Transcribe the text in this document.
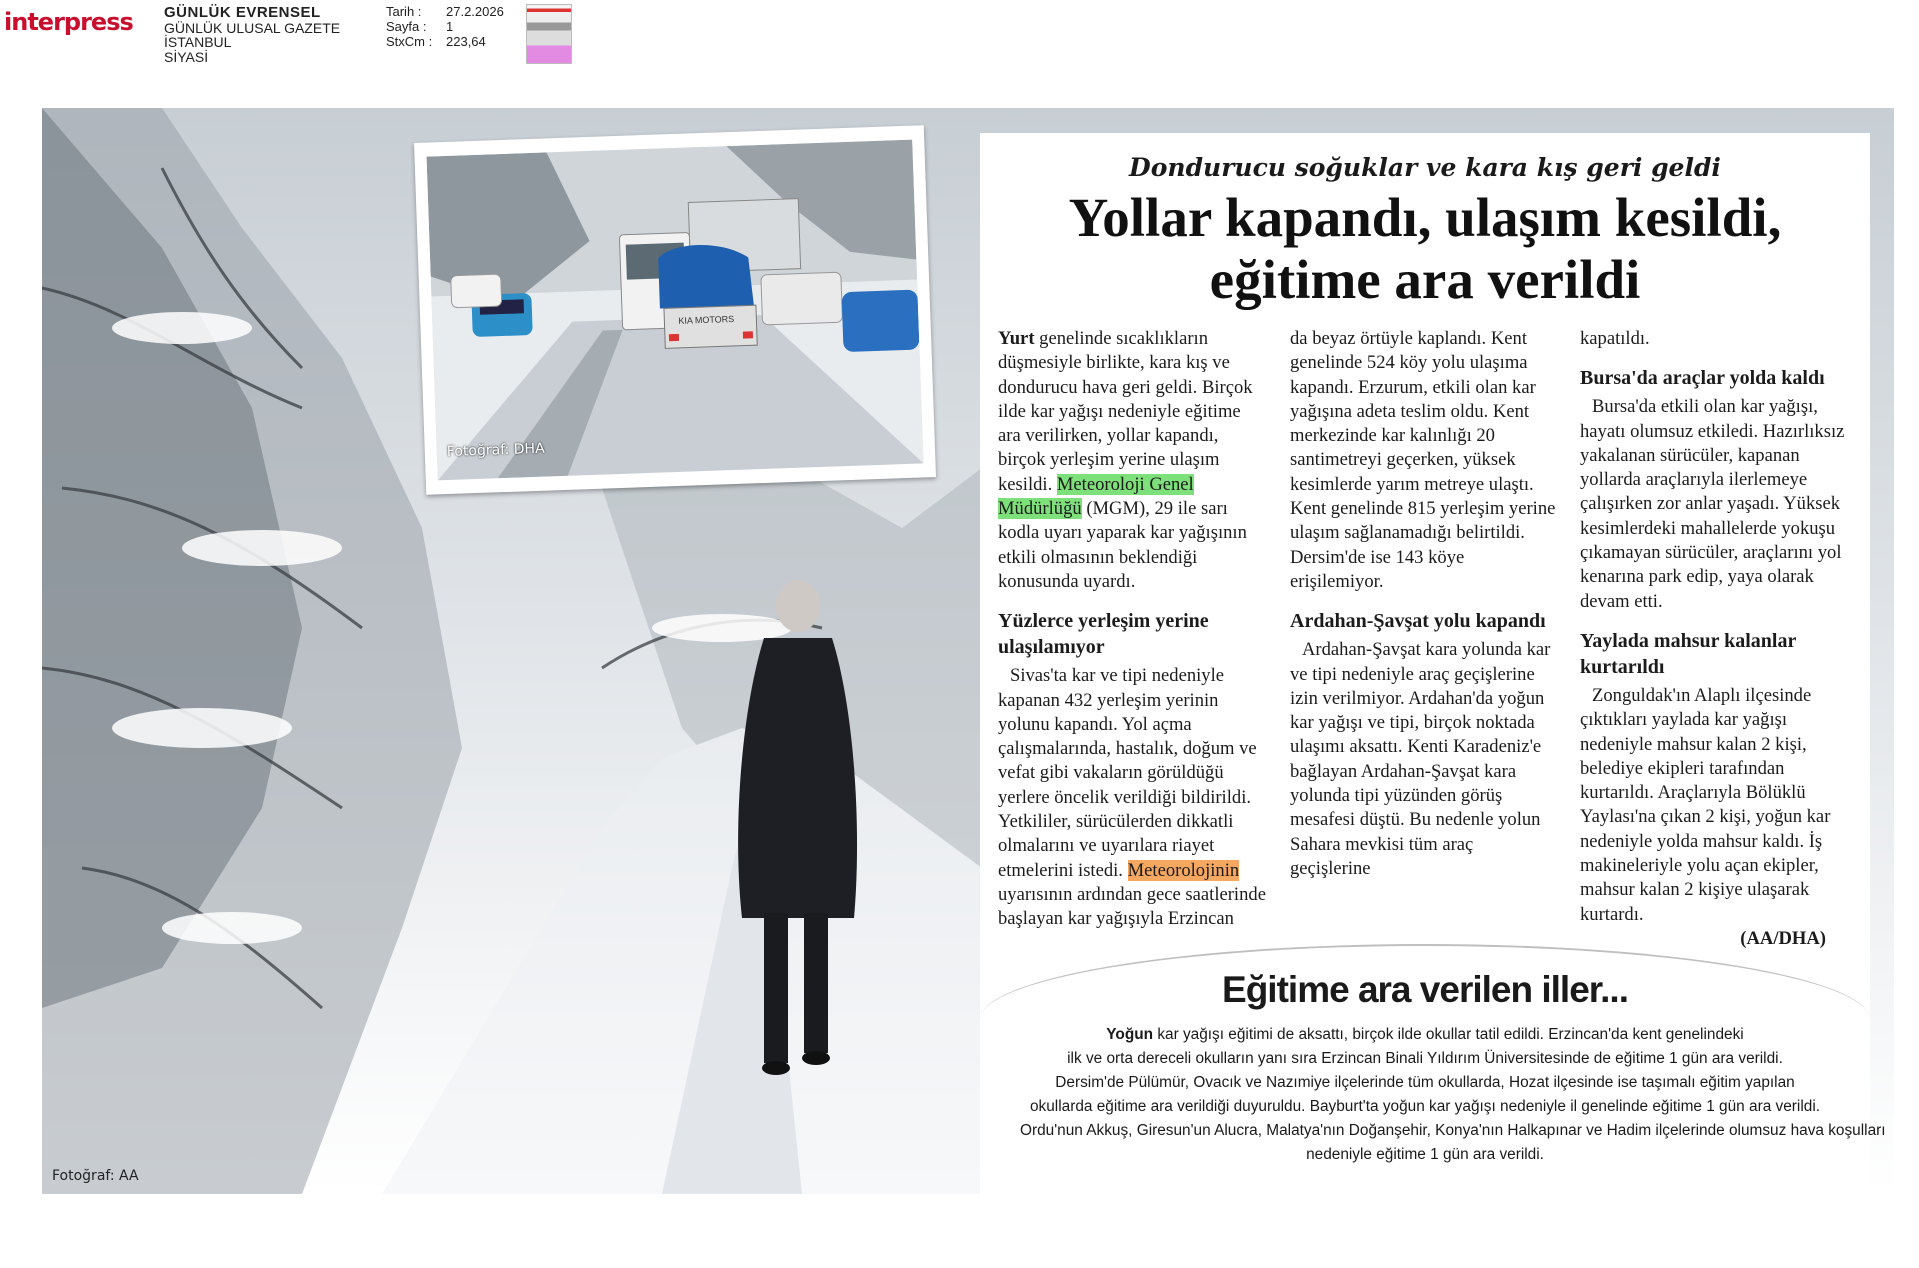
interpress GÜNLÜK EVRENSEL
GÜNLÜK ULUSAL GAZETE
İSTANBUL
SİYASİ
Tarih :	27.2.2026
Sayfa :	1
StxCm :	223,64
Fotoğraf: AA
KIA MOTORS
Fotoğraf: DHA
Dondurucu soğuklar ve kara kış geri geldi
Yollar kapandı, ulaşım kesildi,
eğitime ara verildi

Yurt genelinde sıcaklıkların düşmesiyle birlikte, kara kış ve dondurucu hava geri geldi. Birçok ilde kar yağışı nedeniyle eğitime ara verilirken, yollar kapandı, birçok yerleşim yerine ulaşım kesildi. Meteoroloji Genel Müdürlüğü (MGM), 29 ile sarı kodla uyarı yaparak kar yağışının etkili olmasının beklendiği konusunda uyardı.

Yüzlerce yerleşim yerine ulaşılamıyor

Sivas'ta kar ve tipi nedeniyle kapanan 432 yerleşim yerinin yolunu kapandı. Yol açma çalışmalarında, hastalık, doğum ve vefat gibi vakaların görüldüğü yerlere öncelik verildiği bildirildi. Yetkililer, sürücülerden dikkatli olmalarını ve uyarılara riayet etmelerini istedi. Meteorolojinin uyarısının ardından gece saatlerinde başlayan kar yağışıyla Erzincan

da beyaz örtüyle kaplandı. Kent genelinde 524 köy yolu ulaşıma kapandı. Erzurum, etkili olan kar yağışına adeta teslim oldu. Kent merkezinde kar kalınlığı 20 santimetreyi geçerken, yüksek kesimlerde yarım metreye ulaştı. Kent genelinde 815 yerleşim yerine ulaşım sağlanamadığı belirtildi. Dersim'de ise 143 köye erişilemiyor.

Ardahan-Şavşat yolu kapandı

Ardahan-Şavşat kara yolunda kar ve tipi nedeniyle araç geçişlerine izin verilmiyor. Ardahan'da yoğun kar yağışı ve tipi, birçok noktada ulaşımı aksattı. Kenti Karadeniz'e bağlayan Ardahan-Şavşat kara yolunda tipi yüzünden görüş mesafesi düştü. Bu nedenle yolun Sahara mevkisi tüm araç geçişlerine

kapatıldı.

Bursa'da araçlar yolda kaldı

Bursa'da etkili olan kar yağışı, hayatı olumsuz etkiledi. Hazırlıksız yakalanan sürücüler, kapanan yollarda araçlarıyla ilerlemeye çalışırken zor anlar yaşadı. Yüksek kesimlerdeki mahallelerde yokuşu çıkamayan sürücüler, araçlarını yol kenarına park edip, yaya olarak devam etti.

Yaylada mahsur kalanlar kurtarıldı

Zonguldak'ın Alaplı ilçesinde çıktıkları yaylada kar yağışı nedeniyle mahsur kalan 2 kişi, belediye ekipleri tarafından kurtarıldı. Araçlarıyla Bölüklü Yaylası'na çıkan 2 kişi, yoğun kar nedeniyle yolda mahsur kaldı. İş makineleriyle yolu açan ekipler, mahsur kalan 2 kişiye ulaşarak kurtardı.

(AA/DHA)

Eğitime ara verilen iller...
Yoğun kar yağışı eğitimi de aksattı, birçok ilde okullar tatil edildi. Erzincan'da kent genelindeki
ilk ve orta dereceli okulların yanı sıra Erzincan Binali Yıldırım Üniversitesinde de eğitime 1 gün ara verildi.
Dersim'de Pülümür, Ovacık ve Nazımiye ilçelerinde tüm okullarda, Hozat ilçesinde ise taşımalı eğitim yapılan
okullarda eğitime ara verildiği duyuruldu. Bayburt'ta yoğun kar yağışı nedeniyle il genelinde eğitime 1 gün ara verildi.
Ordu'nun Akkuş, Giresun'un Alucra, Malatya'nın Doğanşehir, Konya'nın Halkapınar ve Hadim ilçelerinde olumsuz hava koşulları
nedeniyle eğitime 1 gün ara verildi.
